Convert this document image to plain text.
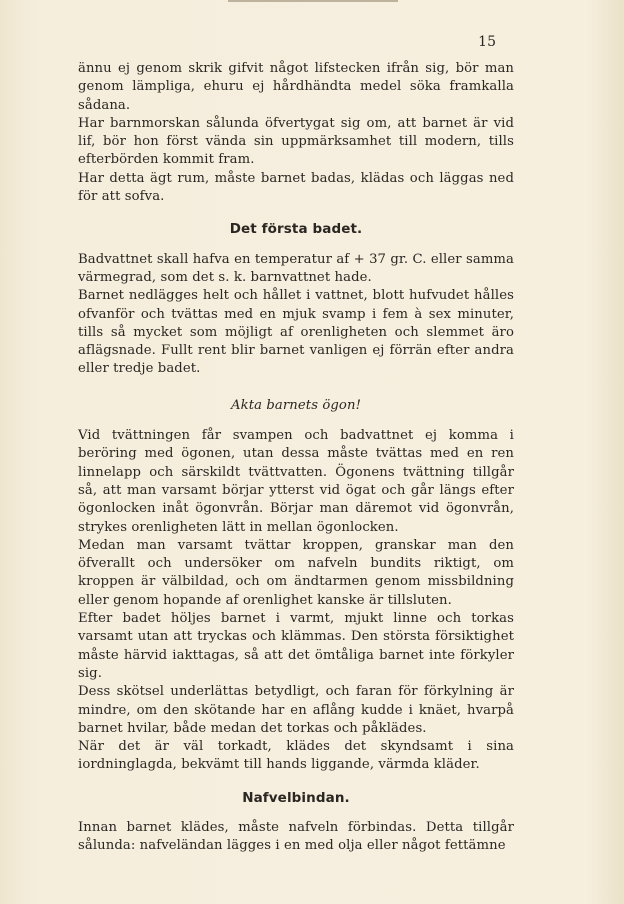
15

ännu ej genom skrik gifvit något lifstecken ifrån sig, bör man genom lämpliga, ehuru ej hårdhändta medel söka framkalla sådana.

Har barnmorskan sålunda öfvertygat sig om, att barnet är vid lif, bör hon först vända sin uppmärksamhet till modern, tills efterbörden kommit fram.

Har detta ägt rum, måste barnet badas, klädas och läggas ned för att sofva.

Det första badet.

Badvattnet skall hafva en temperatur af + 37 gr. C. eller samma värmegrad, som det s. k. barnvattnet hade.

Barnet nedlägges helt och hållet i vattnet, blott hufvudet hålles ofvanför och tvättas med en mjuk svamp i fem à sex minuter, tills så mycket som möjligt af orenligheten och slemmet äro aflägsnade. Fullt rent blir barnet vanligen ej förrän efter andra eller tredje badet.

Akta barnets ögon!

Vid tvättningen får svampen och badvattnet ej komma i beröring med ögonen, utan dessa måste tvättas med en ren linnelapp och särskildt tvättvatten. Ögonens tvättning tillgår så, att man varsamt börjar ytterst vid ögat och går längs efter ögonlocken inåt ögonvrån. Börjar man däremot vid ögonvrån, strykes orenligheten lätt in mellan ögonlocken.

Medan man varsamt tvättar kroppen, granskar man den öfverallt och undersöker om nafveln bundits riktigt, om kroppen är välbildad, och om ändtarmen genom missbildning eller genom hopande af orenlighet kanske är tillsluten.

Efter badet höljes barnet i varmt, mjukt linne och torkas varsamt utan att tryckas och klämmas. Den största försiktighet måste härvid iakttagas, så att det ömtåliga barnet inte förkyler sig.

Dess skötsel underlättas betydligt, och faran för förkylning är mindre, om den skötande har en aflång kudde i knäet, hvarpå barnet hvilar, både medan det torkas och påklädes.

När det är väl torkadt, klädes det skyndsamt i sina iordninglagda, bekvämt till hands liggande, värmda kläder.

Nafvelbindan.

Innan barnet klädes, måste nafveln förbindas. Detta tillgår sålunda: nafveländan lägges i en med olja eller något fettämne
